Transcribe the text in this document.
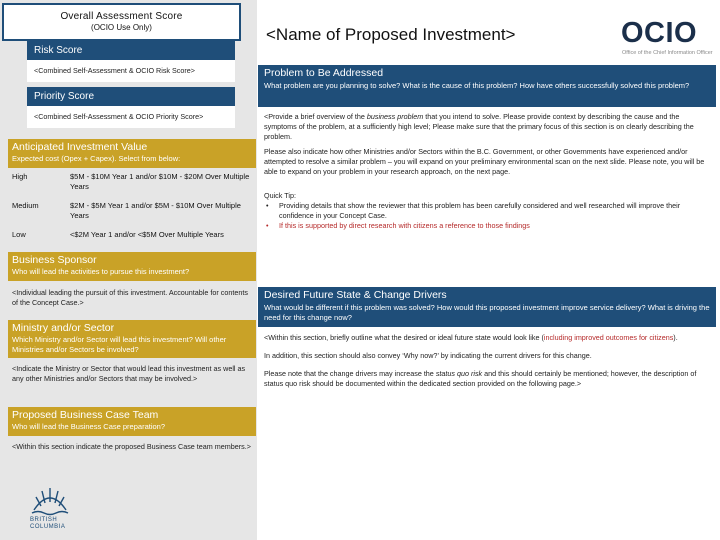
Overall Assessment Score
(OCIO Use Only)
Risk Score
<Combined Self-Assessment & OCIO Risk Score>
Priority Score
<Combined Self-Assessment & OCIO Priority Score>
Anticipated Investment Value
Expected cost (Opex + Capex). Select from below:
High	$5M - $10M Year 1 and/or $10M - $20M Over Multiple Years
Medium	$2M - $5M Year 1 and/or $5M - $10M Over Multiple Years
Low	<$2M Year 1 and/or <$5M Over Multiple Years
Business Sponsor
Who will lead the activities to pursue this investment?
<Individual leading the pursuit of this investment. Accountable for contents of the Concept Case.>
Ministry and/or Sector
Which Ministry and/or Sector will lead this investment? Will other Ministries and/or Sectors be involved?
<Indicate the Ministry or Sector that would lead this investment as well as any other Ministries and/or Sectors that may be involved.>
Proposed Business Case Team
Who will lead the Business Case preparation?
<Within this section indicate the proposed Business Case team members.>
BRITISH
COLUMBIA
<Name of Proposed Investment>	OCIO
Office of the Chief Information Officer
Problem to Be Addressed
What problem are you planning to solve? What is the cause of this problem? How have others successfully solved this problem?

<Provide a brief overview of the business problem that you intend to solve. Please provide context by describing the cause and the symptoms of the problem, at a sufficiently high level; Please make sure that the primary focus of this section is on clearly describing the problem.

Please also indicate how other Ministries and/or Sectors within the B.C. Government, or other Governments have experienced and/or attempted to resolve a similar problem – you will expand on your preliminary environmental scan on the next slide. Please note, you will be able to expand on your problem in your research approach, on the next page.

Quick Tip:

• Providing details that show the reviewer that this problem has been carefully considered and well researched will improve their confidence in your Concept Case.
• If this is supported by direct research with citizens a reference to those findings
Desired Future State & Change Drivers
What would be different if this problem was solved? How would this proposed investment improve service delivery? What is driving the need for this change now?

<Within this section, briefly outline what the desired or ideal future state would look like (including improved outcomes for citizens).

In addition, this section should also convey ‘Why now?’ by indicating the current drivers for this change.

Please note that the change drivers may increase the status quo risk and this should certainly be mentioned; however, the description of status quo risk should be documented within the dedicated section provided on the following page.>
